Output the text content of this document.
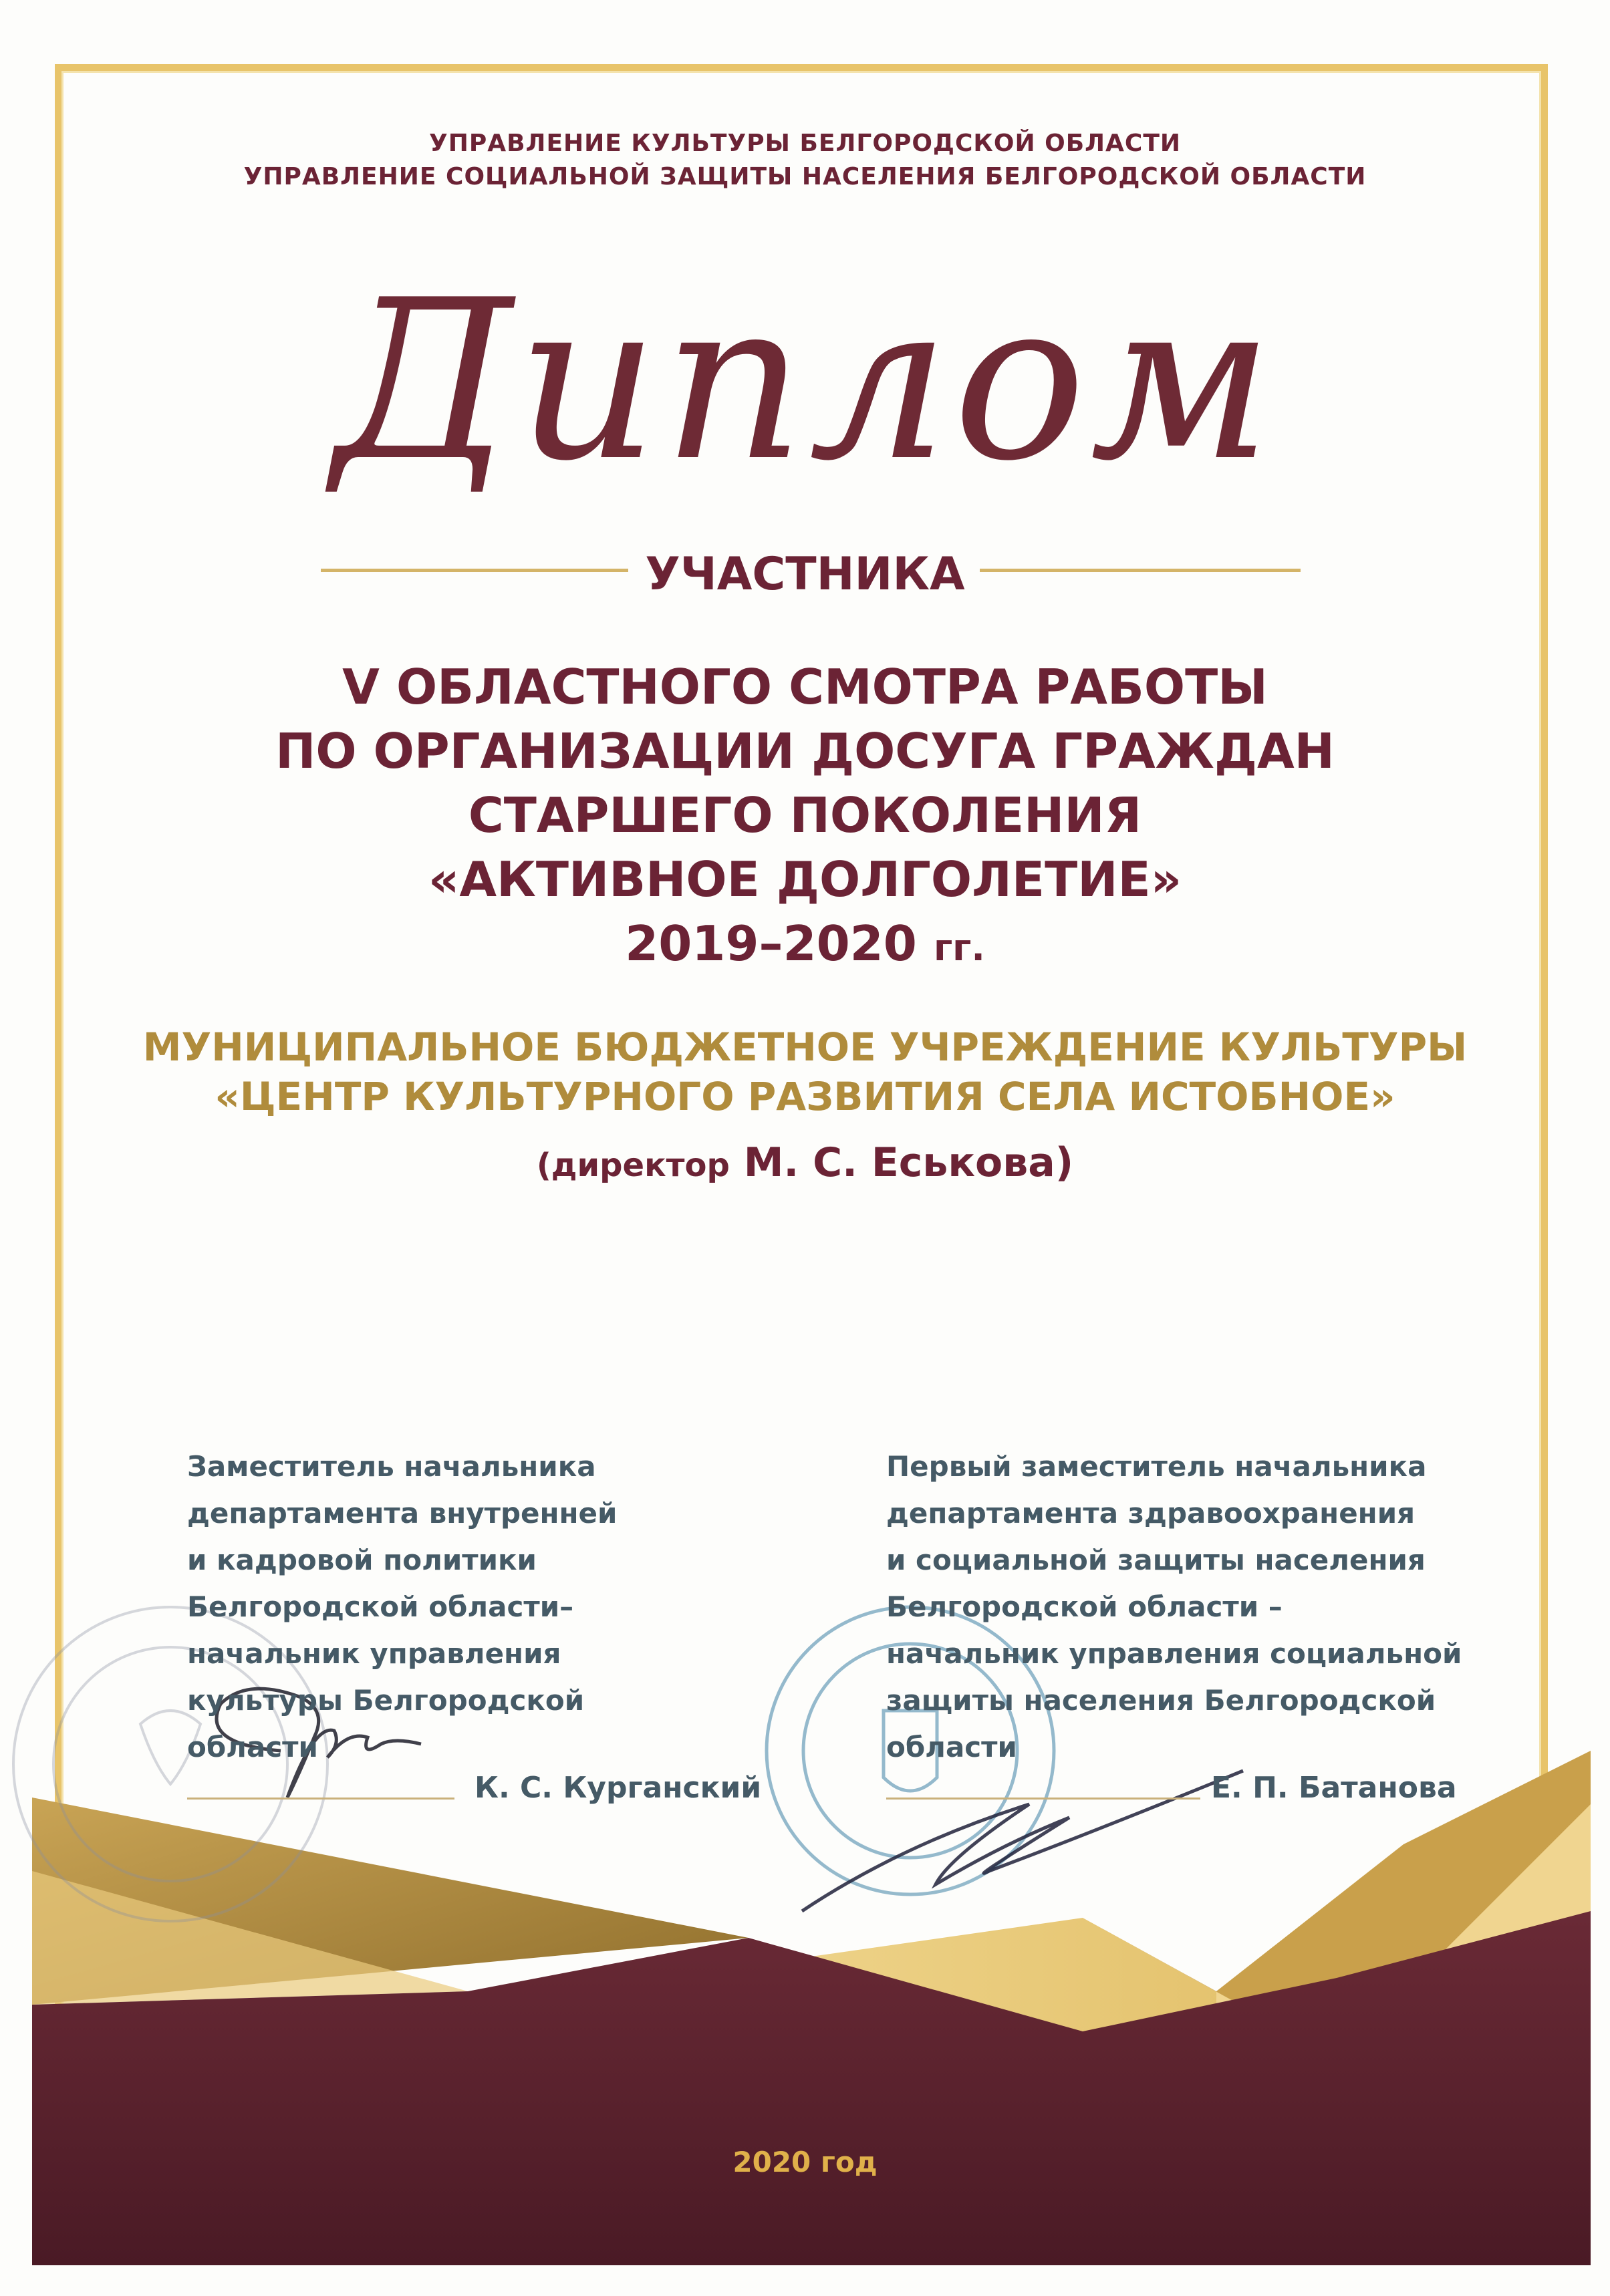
УПРАВЛЕНИЕ КУЛЬТУРЫ БЕЛГОРОДСКОЙ ОБЛАСТИ
УПРАВЛЕНИЕ СОЦИАЛЬНОЙ ЗАЩИТЫ НАСЕЛЕНИЯ БЕЛГОРОДСКОЙ ОБЛАСТИ
Диплом
УЧАСТНИКА
V ОБЛАСТНОГО СМОТРА РАБОТЫ
ПО ОРГАНИЗАЦИИ ДОСУГА ГРАЖДАН
СТАРШЕГО ПОКОЛЕНИЯ
«АКТИВНОЕ ДОЛГОЛЕТИЕ»
2019–2020 гг.
МУНИЦИПАЛЬНОЕ БЮДЖЕТНОЕ УЧРЕЖДЕНИЕ КУЛЬТУРЫ
«ЦЕНТР КУЛЬТУРНОГО РАЗВИТИЯ СЕЛА ИСТОБНОЕ»
(директор М. С. Еськова)
Заместитель начальника
департамента внутренней
и кадровой политики
Белгородской области–
начальник управления
культуры Белгородской
области
К. С. Курганский
Первый заместитель начальника
департамента здравоохранения
и социальной защиты населения
Белгородской области –
начальник управления социальной
защиты населения Белгородской
области
Е. П. Батанова
2020 год
